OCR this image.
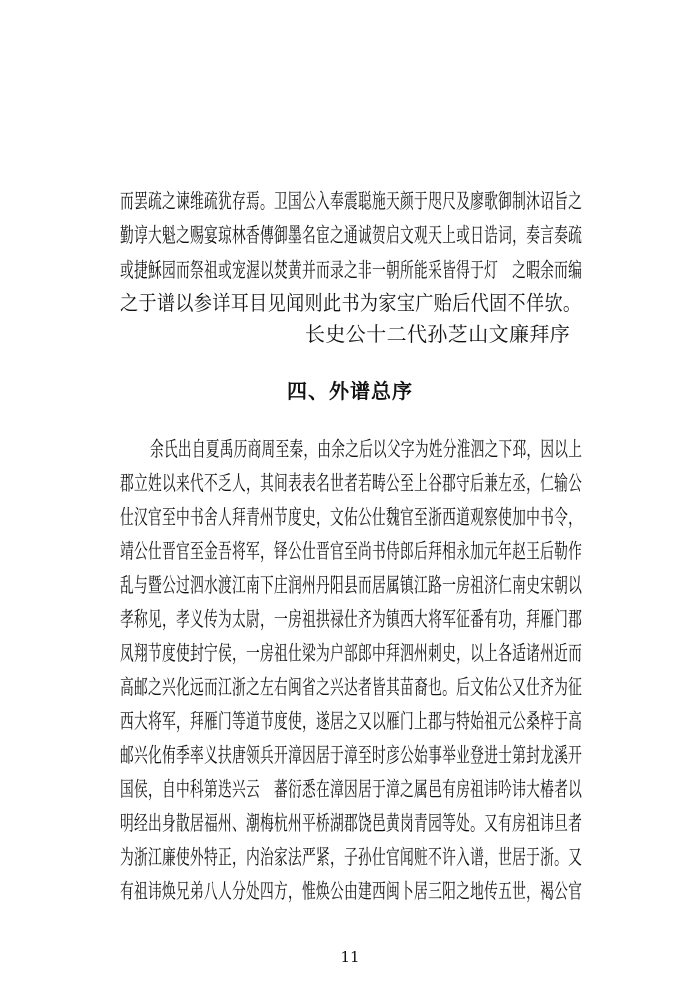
而罢疏之谏维疏犹存焉。卫国公入奉震聪施天颜于咫尺及廖歌御制沐诏旨之
勤谆大魁之赐宴琼林香傳御墨名宦之通诚贺启文观天上或日诰词，奏言奏疏
或捷穌园而祭祖或宠渥以焚黄并而录之非一朝所能采皆得于灯　之暇余而编
之于谱以参详耳目见闻则此书为家宝广贻后代固不佯欤。
长史公十二代孙芝山文廉拜序
四、外谱总序
余氏出自夏禹历商周至秦，由余之后以父字为姓分淮泗之下邳，因以上
郡立姓以来代不乏人，其间表表名世者若畴公至上谷郡守后兼左丞，仁输公
仕汉官至中书舍人拜青州节度史，文佑公仕魏官至浙西道观察使加中书令，
靖公仕晋官至金吾将军，铎公仕晋官至尚书侍郎后拜相永加元年赵王后勒作
乱与暨公过泗水渡江南下庄润州丹阳县而居属镇江路一房祖济仁南史宋朝以
孝称见，孝义传为太尉，一房祖拱禄仕齐为镇西大将军征番有功，拜雁门郡
凤翔节度使封宁侯，一房祖仕梁为户部郎中拜泗州刺史，以上各适诸州近而
高邮之兴化远而江浙之左右闽省之兴达者皆其苗裔也。后文佑公又仕齐为征
西大将军，拜雁门等道节度使，遂居之又以雁门上郡与特始祖元公桑梓于高
邮兴化侑季率义扶唐领兵开漳因居于漳至时彦公始事举业登进士第封龙溪开
国侯，自中科第迭兴云　蕃衍悉在漳因居于漳之属邑有房祖讳吟讳大椿者以
明经出身散居福州、潮梅杭州平桥湖郡饶邑黄岗青园等处。又有房祖讳旦者
为浙江廉使外特正，内治家法严紧，子孙仕官闻赃不许入谱，世居于浙。又
有祖讳焕兄弟八人分处四方，惟焕公由建西闽卜居三阳之地传五世，褐公官
11
